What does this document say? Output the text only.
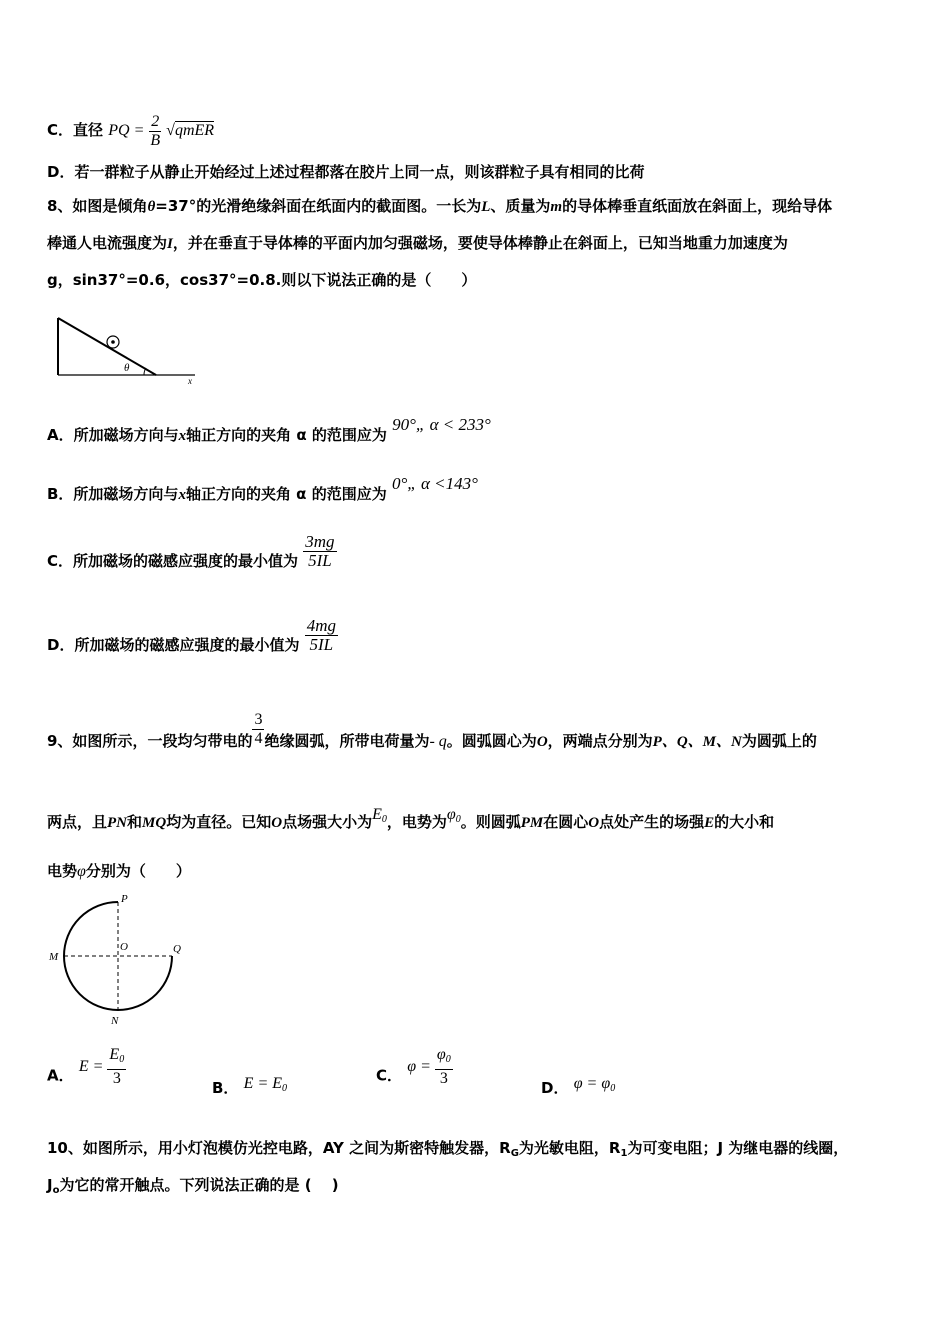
C．直径 PQ = $\frac{2}{B}$ √qmER
D．若一群粒子从静止开始经过上述过程都落在胶片上同一点，则该群粒子具有相同的比荷
8、如图是倾角θ=37°的光滑绝缘斜面在纸面内的截面图。一长为L、质量为m的导体棒垂直纸面放在斜面上，现给导体
棒通人电流强度为I，并在垂直于导体棒的平面内加匀强磁场，要使导体棒静止在斜面上，已知当地重力加速度为
g，sin37°=0.6，cos37°=0.8.则以下说法正确的是（　　）
θ
x
A．所加磁场方向与x轴正方向的夹角 α 的范围应为 90°„ α < 233°
B．所加磁场方向与x轴正方向的夹角 α 的范围应为 0°„ α <143°
C．所加磁场的磁感应强度的最小值为 $\frac{3mg}{5IL}$
D．所加磁场的磁感应强度的最小值为 $\frac{4mg}{5IL}$
9、如图所示，一段均匀带电的 $\frac{3}{4}$ 绝缘圆弧，所带电荷量为- q。圆弧圆心为O，两端点分别为P、Q、M、N为圆弧上的
两点，且PN和MQ均为直径。已知O点场强大小为$E_0$，电势为$\varphi_0$。则圆弧PM在圆心O点处产生的场强E的大小和
电势φ分别为（　　）
P
O	Q
M
N
A． $E = \frac{E_0}{3}$	B． $E = E_0$
C． $\varphi = \frac{\varphi_0}{3}$	D． $\varphi = \varphi_0$
10、如图所示，用小灯泡模仿光控电路，AY 之间为斯密特触发器，$R_G$为光敏电阻，$R_1$为可变电阻；J 为继电器的线圈，
$J_o$为它的常开触点。下列说法正确的是 (　 )
